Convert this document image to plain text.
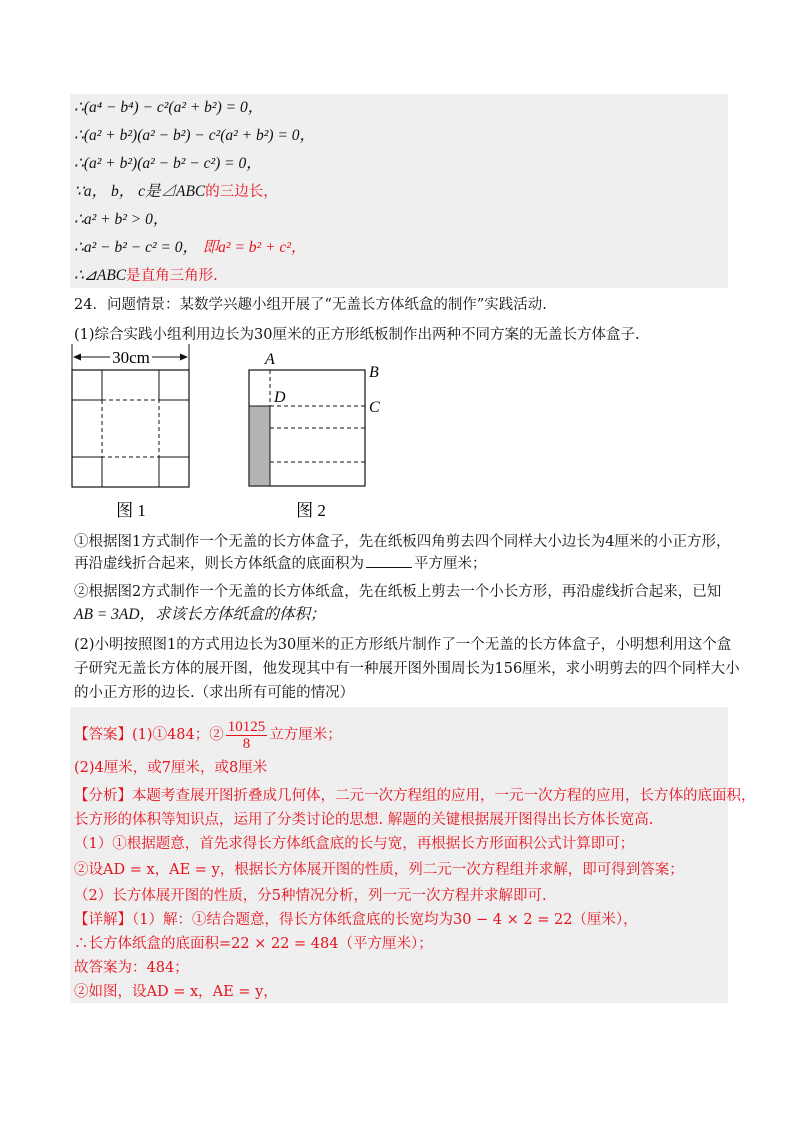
∴(a⁴ − b⁴) − c²(a² + b²) = 0，
∴(a² + b²)(a² − b²) − c²(a² + b²) = 0，
∴(a² + b²)(a² − b² − c²) = 0，
∵a， b， c是⊿ABC的三边长，
∴a² + b² > 0，
∴a² − b² − c² = 0， 即a² = b² + c²，
∴⊿ABC是直角三角形.
24．问题情景：某数学兴趣小组开展了“无盖长方体纸盒的制作”实践活动.
(1)综合实践小组利用边长为30厘米的正方形纸板制作出两种不同方案的无盖长方体盒子.
30cm
图 1
A
B
C
D
图 2
①根据图1方式制作一个无盖的长方体盒子，先在纸板四角剪去四个同样大小边长为4厘米的小正方形，
再沿虚线折合起来，则长方体纸盒的底面积为	平方厘米；
②根据图2方式制作一个无盖的长方体纸盒，先在纸板上剪去一个小长方形，再沿虚线折合起来，已知
AB = 3AD，求该长方体纸盒的体积；
(2)小明按照图1的方式用边长为30厘米的正方形纸片制作了一个无盖的长方体盒子，小明想利用这个盒
子研究无盖长方体的展开图，他发现其中有一种展开图外围周长为156厘米，求小明剪去的四个同样大小
的小正方形的边长.（求出所有可能的情况）
【答案】(1)①484；② $\frac{10125}{8}$ 立方厘米；
(2)4厘米，或7厘米，或8厘米
【分析】本题考查展开图折叠成几何体，二元一次方程组的应用，一元一次方程的应用，长方体的底面积，
长方形的体积等知识点，运用了分类讨论的思想. 解题的关键根据展开图得出长方体长宽高.
（1）①根据题意，首先求得长方体纸盒底的长与宽，再根据长方形面积公式计算即可；
②设AD = x，AE = y，根据长方体展开图的性质，列二元一次方程组并求解，即可得到答案；
（2）长方体展开图的性质，分5种情况分析，列一元一次方程并求解即可.
【详解】（1）解：①结合题意，得长方体纸盒底的长宽均为30 − 4 × 2 = 22（厘米），
∴长方体纸盒的底面积=22 × 22 = 484（平方厘米）；
故答案为：484；
②如图，设AD = x，AE = y，
